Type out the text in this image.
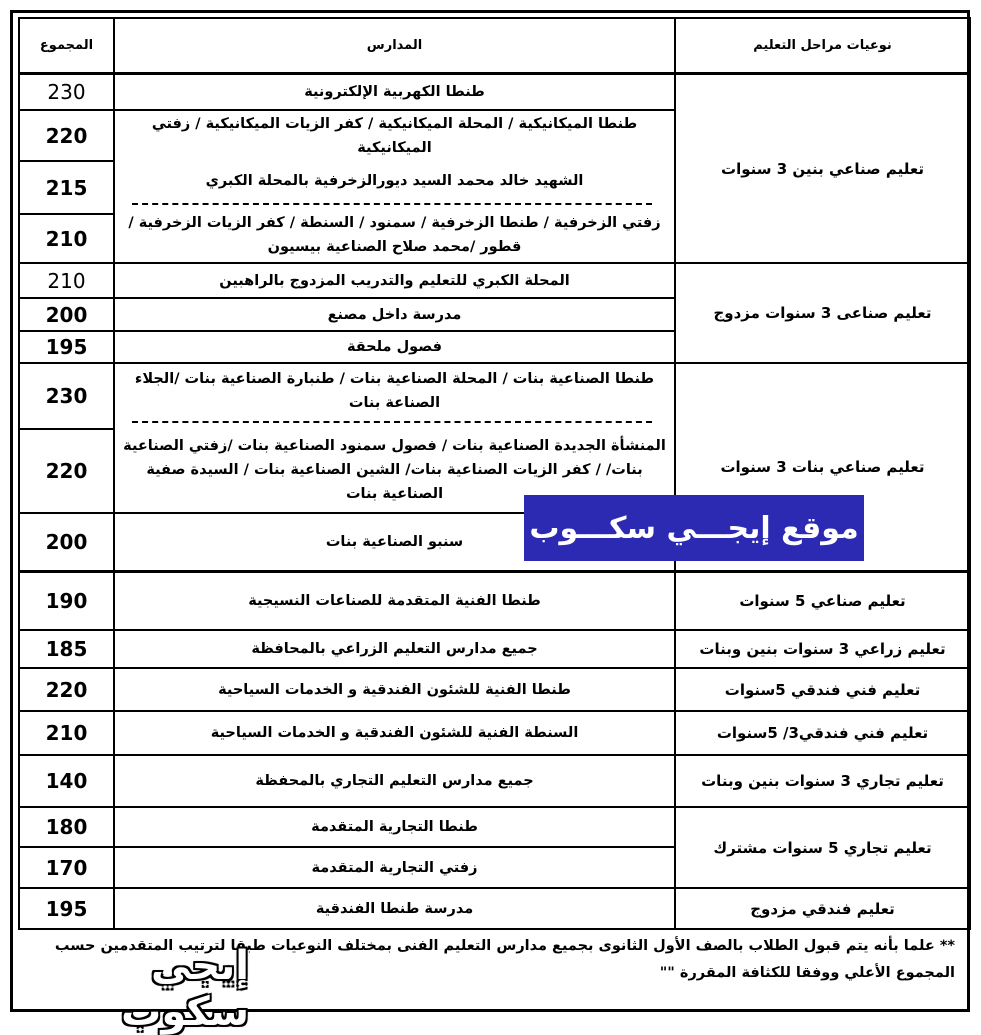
المجموع	المدارس	نوعيات مراحل التعليم
230
220
215
210
210
200
195
230
220
200
190
185
220
210
140
180
170
195
طنطا الكهربية الإلكترونية
طنطا الميكانيكية / المحلة الميكانيكية / كفر الزيات الميكانيكية / زفتي الميكانيكية
الشهيد خالد محمد السيد ديورالزخرفية بالمحلة الكبري
زفتي الزخرفية / طنطا الزخرفية / سمنود / السنطة / كفر الزيات الزخرفية / قطور /محمد صلاح الصناعية بيسيون
المحلة الكبري للتعليم والتدريب المزدوج بالراهبين
مدرسة داخل مصنع
فصول ملحقة
طنطا الصناعية بنات / المحلة الصناعية بنات / طنبارة الصناعية بنات /الجلاء الصناعة بنات
المنشأة الجديدة الصناعية بنات / فصول سمنود الصناعية بنات /زفتي الصناعية بنات/ / كفر الزيات الصناعية بنات/ الشين الصناعية بنات / السيدة صفية الصناعية بنات
سنبو الصناعية بنات
طنطا الفنية المتقدمة للصناعات النسيجية
جميع مدارس التعليم الزراعي بالمحافظة
طنطا الفنية للشئون الفندقية و الخدمات السياحية
السنطة الفنية للشئون الفندقية و الخدمات السياحية
جميع مدارس التعليم التجاري بالمحفظة
طنطا التجارية المتقدمة
زفتي التجارية المتقدمة
مدرسة طنطا الفندقية
تعليم صناعي بنين 3 سنوات
تعليم صناعى 3 سنوات مزدوج
تعليم صناعي بنات 3 سنوات
تعليم صناعي 5 سنوات
تعليم زراعي 3 سنوات بنين وبنات
تعليم فني فندقي 5سنوات
تعليم فني فندقي3/ 5سنوات
تعليم تجاري 3 سنوات بنين وبنات
تعليم تجاري 5 سنوات مشترك
تعليم فندقي مزدوج
** علما بأنه يتم قبول الطلاب بالصف الأول الثانوى بجميع مدارس التعليم الفنى بمختلف النوعيات طبقا لترتيب المتقدمين حسب المجموع الأعلي ووفقا للكثافة المقررة ""
موقع إيجـــي سكـــوب
إيجي سكوب
